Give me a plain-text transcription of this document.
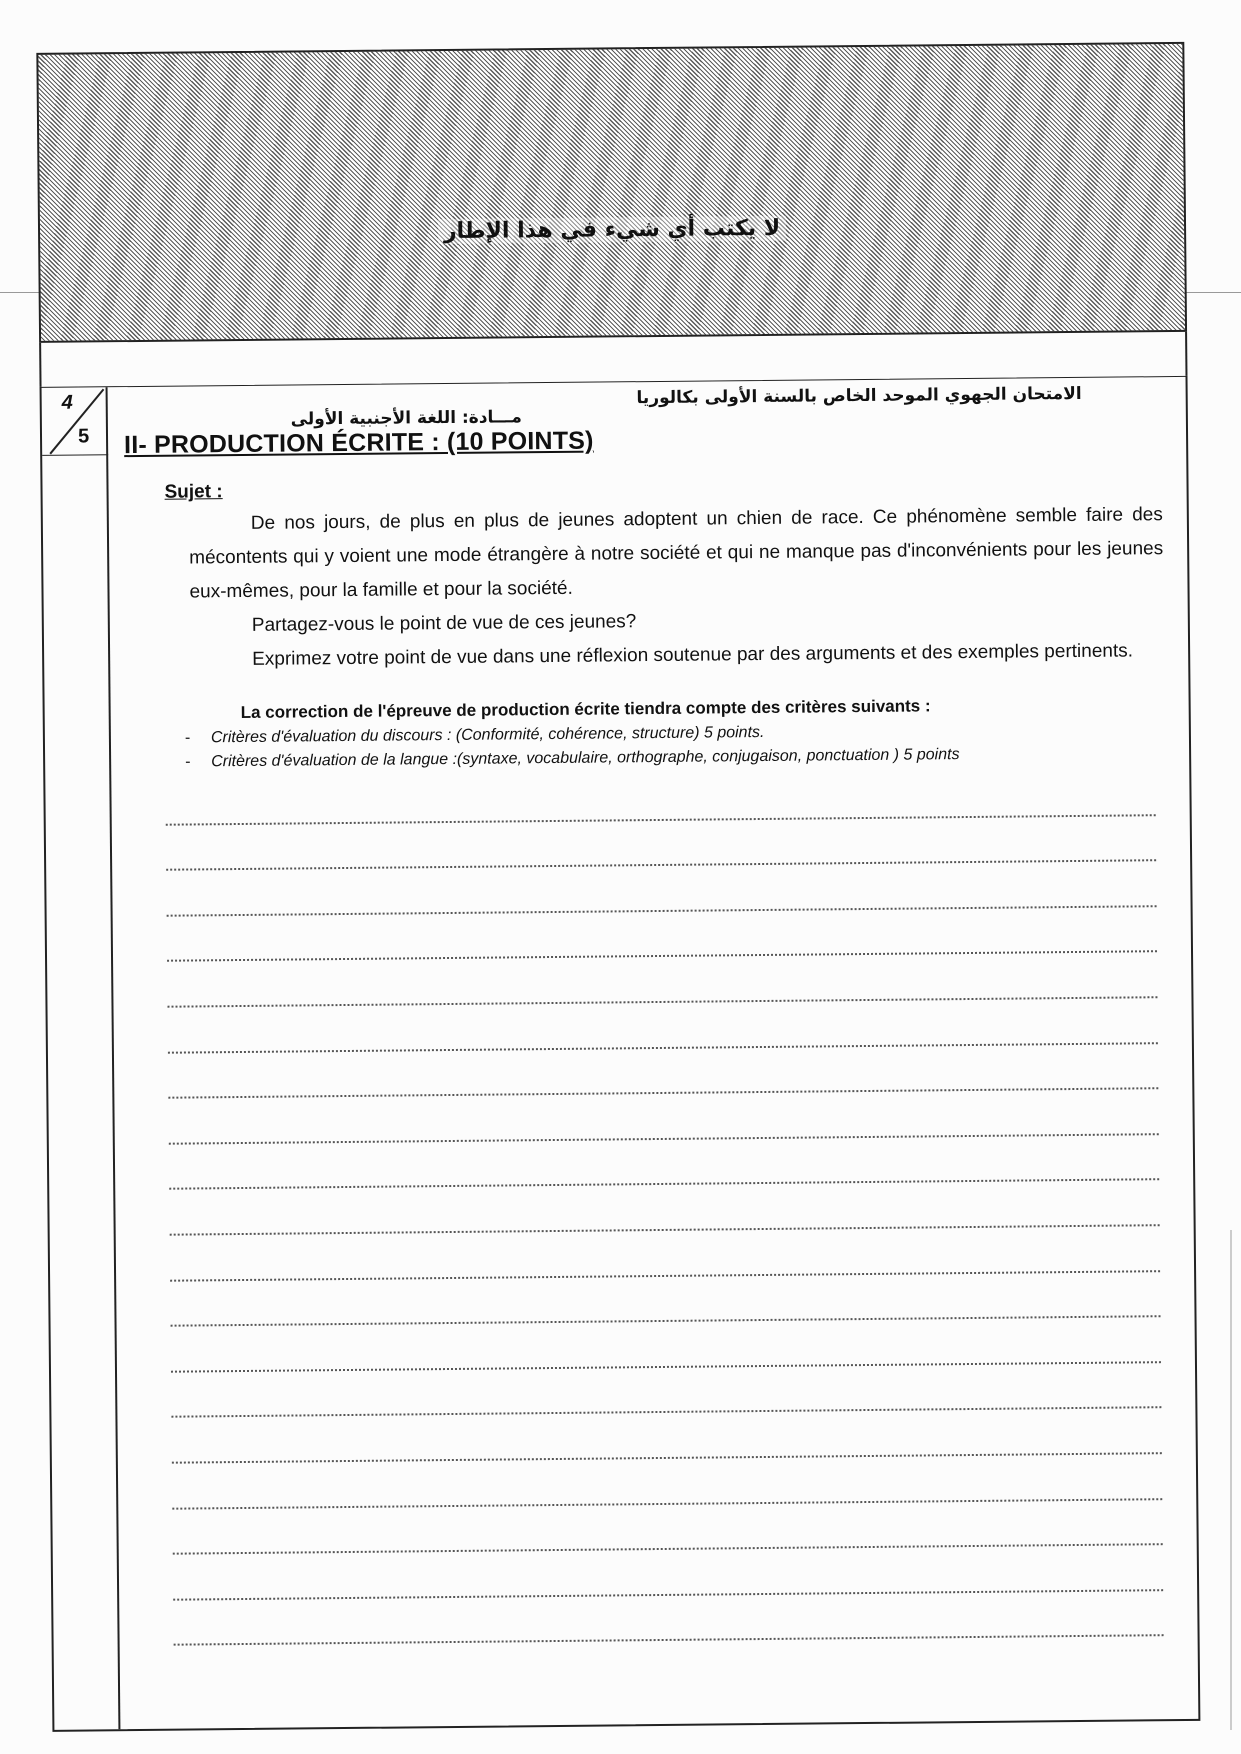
لا يكتب أي شيء في هذا الإطار
4
5
الامتحان الجهوي الموحد الخاص بالسنة الأولى بكالوريا
مـــادة: اللغة الأجنبية الأولى
II- PRODUCTION ÉCRITE : (10 POINTS)
Sujet :

De nos jours, de plus en plus de jeunes adoptent un chien de race. Ce phénomène semble faire des mécontents qui y voient une mode étrangère à notre société et qui ne manque pas d'inconvénients pour les jeunes eux-mêmes, pour la famille et pour la société.

Partagez-vous le point de vue de ces jeunes?

Exprimez votre point de vue dans une réflexion soutenue par des arguments et des exemples pertinents.

La correction de l'épreuve de production écrite tiendra compte des critères suivants :
- Critères d'évaluation du discours : (Conformité, cohérence, structure) 5 points.
- Critères d'évaluation de la langue :(syntaxe, vocabulaire, orthographe, conjugaison, ponctuation ) 5 points
